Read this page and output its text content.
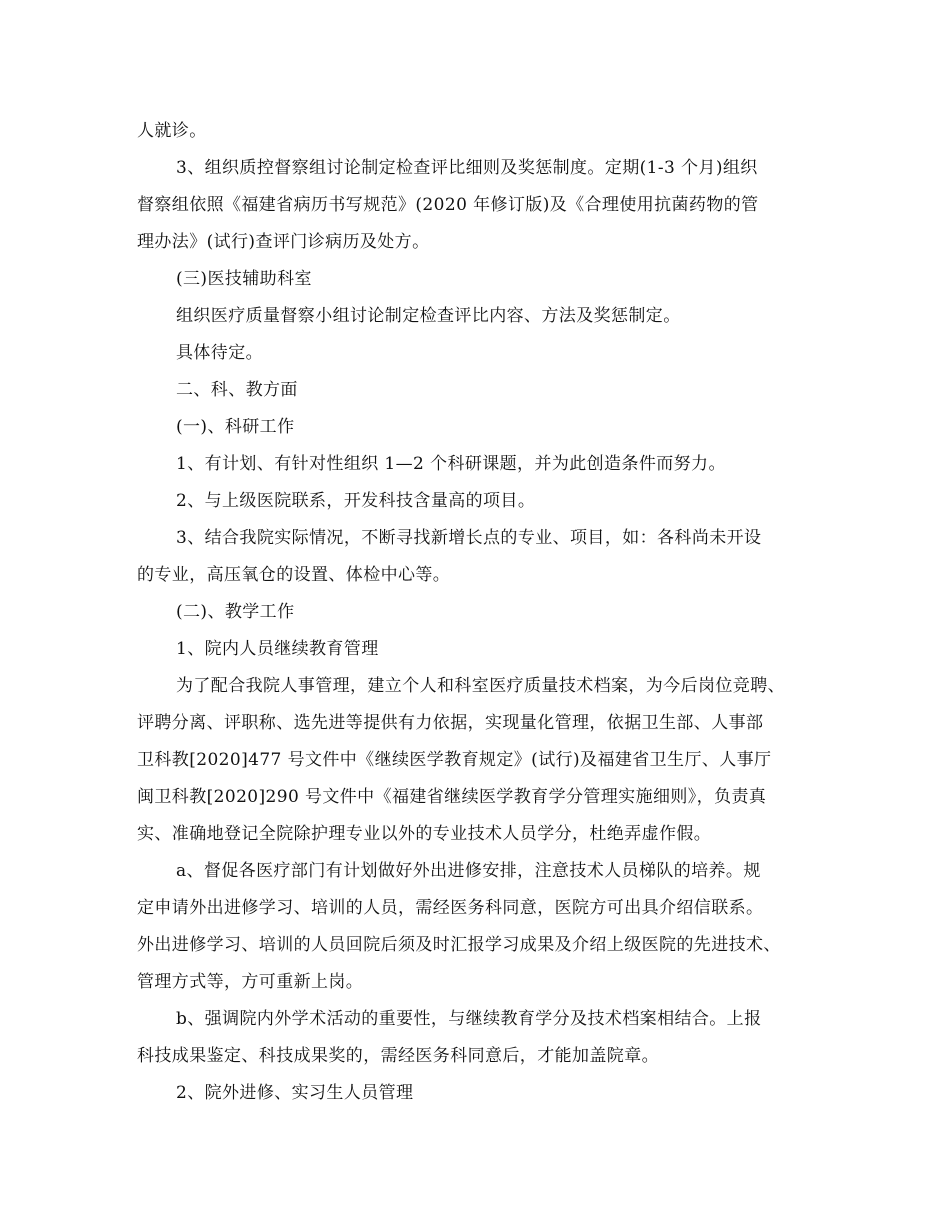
人就诊。
3、组织质控督察组讨论制定检查评比细则及奖惩制度。定期(1-3 个月)组织
督察组依照《福建省病历书写规范》(2020 年修订版)及《合理使用抗菌药物的管
理办法》(试行)查评门诊病历及处方。
(三)医技辅助科室
组织医疗质量督察小组讨论制定检查评比内容、方法及奖惩制定。
具体待定。
二、科、教方面
(一)、科研工作
1、有计划、有针对性组织 1—2 个科研课题，并为此创造条件而努力。
2、与上级医院联系，开发科技含量高的项目。
3、结合我院实际情况，不断寻找新增长点的专业、项目，如：各科尚未开设
的专业，高压氧仓的设置、体检中心等。
(二)、教学工作
1、院内人员继续教育管理
为了配合我院人事管理，建立个人和科室医疗质量技术档案，为今后岗位竞聘、
评聘分离、评职称、选先进等提供有力依据，实现量化管理，依据卫生部、人事部
卫科教[2020]477 号文件中《继续医学教育规定》(试行)及福建省卫生厅、人事厅
闽卫科教[2020]290 号文件中《福建省继续医学教育学分管理实施细则》，负责真
实、准确地登记全院除护理专业以外的专业技术人员学分，杜绝弄虚作假。
a、督促各医疗部门有计划做好外出进修安排，注意技术人员梯队的培养。规
定申请外出进修学习、培训的人员，需经医务科同意，医院方可出具介绍信联系。
外出进修学习、培训的人员回院后须及时汇报学习成果及介绍上级医院的先进技术、
管理方式等，方可重新上岗。
b、强调院内外学术活动的重要性，与继续教育学分及技术档案相结合。上报
科技成果鉴定、科技成果奖的，需经医务科同意后，才能加盖院章。
2、院外进修、实习生人员管理
